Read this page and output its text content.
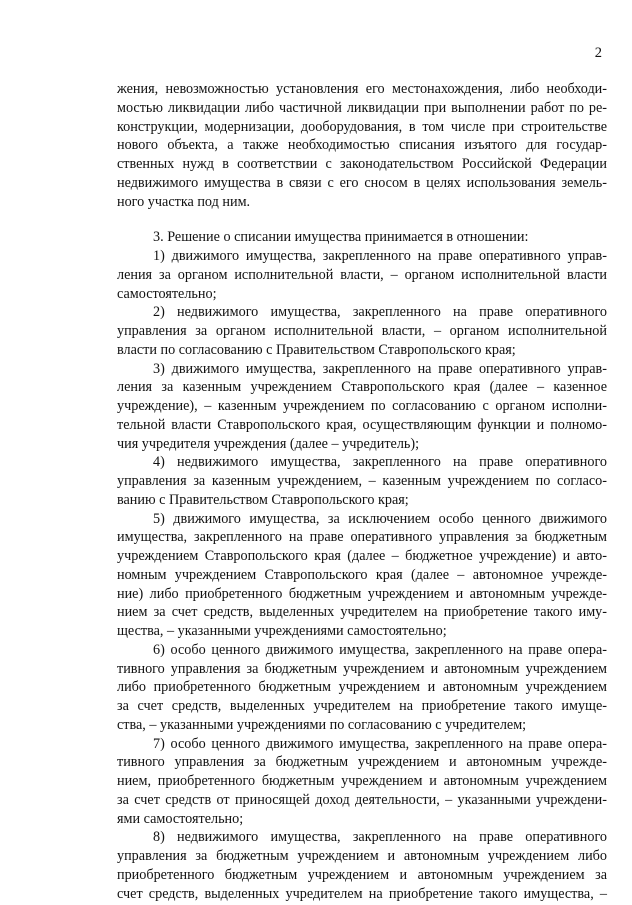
2
жения, невозможностью установления его местонахождения, либо необходи-
мостью ликвидации либо частичной ликвидации при выполнении работ по ре-
конструкции, модернизации, дооборудования, в том числе при строительстве
нового объекта, а также необходимостью списания изъятого для государ-
ственных нужд в соответствии с законодательством Российской Федерации
недвижимого имущества в связи с его сносом в целях использования земель-
ного участка под ним.
3. Решение о списании имущества принимается в отношении:
1) движимого имущества, закрепленного на праве оперативного управ-
ления за органом исполнительной власти, – органом исполнительной власти
самостоятельно;
2) недвижимого имущества, закрепленного на праве оперативного
управления за органом исполнительной власти, – органом исполнительной
власти по согласованию с Правительством Ставропольского края;
3) движимого имущества, закрепленного на праве оперативного управ-
ления за казенным учреждением Ставропольского края (далее – казенное
учреждение), – казенным учреждением по согласованию с органом исполни-
тельной власти Ставропольского края, осуществляющим функции и полномо-
чия учредителя учреждения (далее – учредитель);
4) недвижимого имущества, закрепленного на праве оперативного
управления за казенным учреждением, – казенным учреждением по согласо-
ванию с Правительством Ставропольского края;
5) движимого имущества, за исключением особо ценного движимого
имущества, закрепленного на праве оперативного управления за бюджетным
учреждением Ставропольского края (далее – бюджетное учреждение) и авто-
номным учреждением Ставропольского края (далее – автономное учрежде-
ние) либо приобретенного бюджетным учреждением и автономным учрежде-
нием за счет средств, выделенных учредителем на приобретение такого иму-
щества, – указанными учреждениями самостоятельно;
6) особо ценного движимого имущества, закрепленного на праве опера-
тивного управления за бюджетным учреждением и автономным учреждением
либо приобретенного бюджетным учреждением и автономным учреждением
за счет средств, выделенных учредителем на приобретение такого имуще-
ства, – указанными учреждениями по согласованию с учредителем;
7) особо ценного движимого имущества, закрепленного на праве опера-
тивного управления за бюджетным учреждением и автономным учрежде-
нием, приобретенного бюджетным учреждением и автономным учреждением
за счет средств от приносящей доход деятельности, – указанными учреждени-
ями самостоятельно;
8) недвижимого имущества, закрепленного на праве оперативного
управления за бюджетным учреждением и автономным учреждением либо
приобретенного бюджетным учреждением и автономным учреждением за
счет средств, выделенных учредителем на приобретение такого имущества, –
